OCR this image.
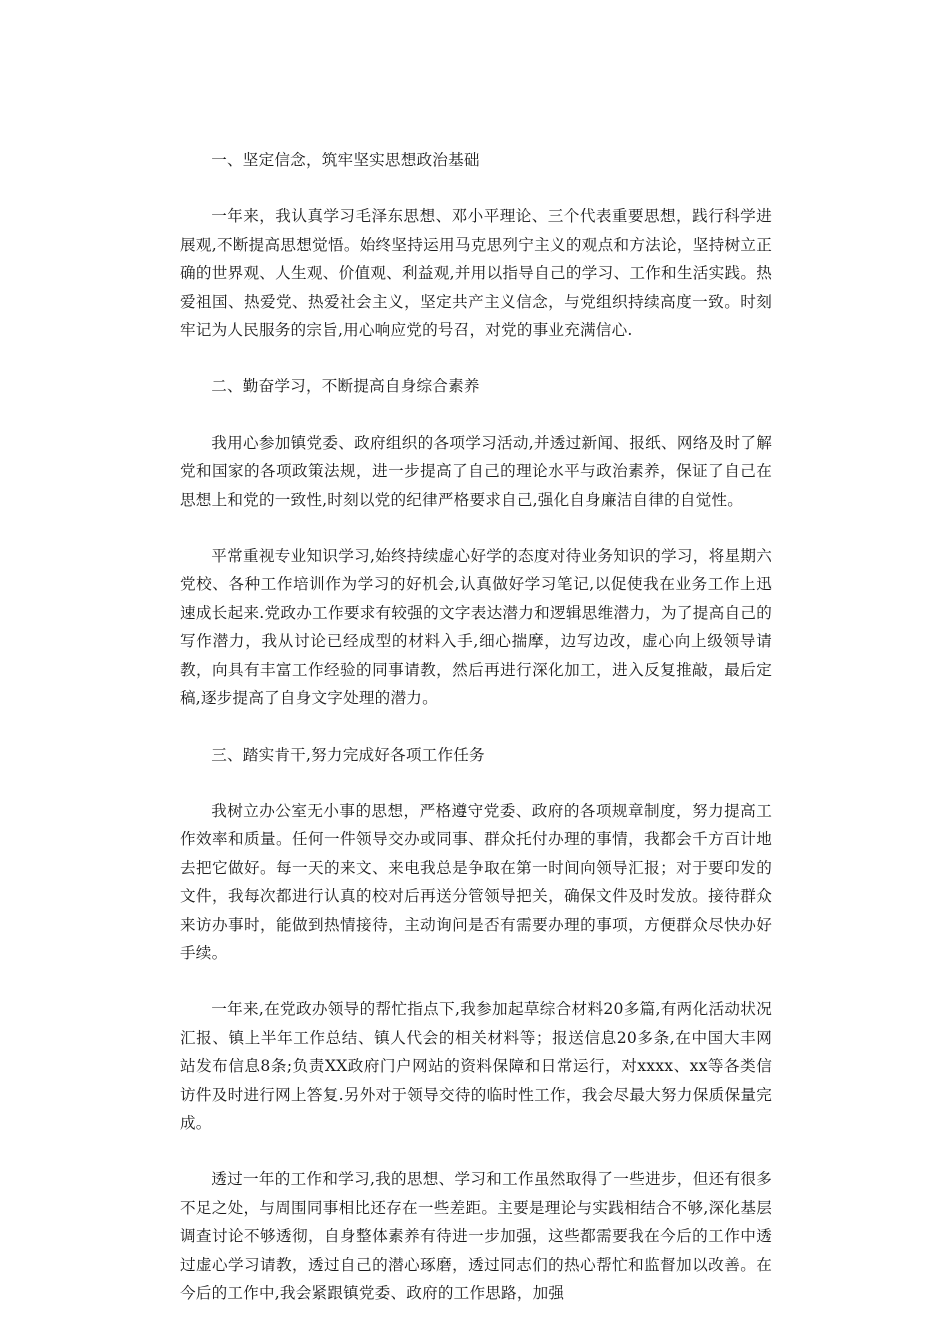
一、坚定信念，筑牢坚实思想政治基础

一年来，我认真学习毛泽东思想、邓小平理论、三个代表重要思想，践行科学进展观,不断提高思想觉悟。始终坚持运用马克思列宁主义的观点和方法论，坚持树立正确的世界观、人生观、价值观、利益观,并用以指导自己的学习、工作和生活实践。热爱祖国、热爱党、热爱社会主义，坚定共产主义信念，与党组织持续高度一致。时刻牢记为人民服务的宗旨,用心响应党的号召，对党的事业充满信心.

二、勤奋学习，不断提高自身综合素养

我用心参加镇党委、政府组织的各项学习活动,并透过新闻、报纸、网络及时了解党和国家的各项政策法规，进一步提高了自己的理论水平与政治素养，保证了自己在思想上和党的一致性,时刻以党的纪律严格要求自己,强化自身廉洁自律的自觉性。

平常重视专业知识学习,始终持续虚心好学的态度对待业务知识的学习，将星期六党校、各种工作培训作为学习的好机会,认真做好学习笔记,以促使我在业务工作上迅速成长起来.党政办工作要求有较强的文字表达潜力和逻辑思维潜力，为了提高自己的写作潜力，我从讨论已经成型的材料入手,细心揣摩，边写边改，虚心向上级领导请教，向具有丰富工作经验的同事请教，然后再进行深化加工，进入反复推敲，最后定稿,逐步提高了自身文字处理的潜力。

三、踏实肯干,努力完成好各项工作任务

我树立办公室无小事的思想，严格遵守党委、政府的各项规章制度，努力提高工作效率和质量。任何一件领导交办或同事、群众托付办理的事情，我都会千方百计地去把它做好。每一天的来文、来电我总是争取在第一时间向领导汇报；对于要印发的文件，我每次都进行认真的校对后再送分管领导把关，确保文件及时发放。接待群众来访办事时，能做到热情接待，主动询问是否有需要办理的事项，方便群众尽快办好手续。

一年来,在党政办领导的帮忙指点下,我参加起草综合材料20多篇,有两化活动状况汇报、镇上半年工作总结、镇人代会的相关材料等；报送信息20多条,在中国大丰网站发布信息8条;负责XX政府门户网站的资料保障和日常运行，对xxxx、xx等各类信访件及时进行网上答复.另外对于领导交待的临时性工作，我会尽最大努力保质保量完成。

透过一年的工作和学习,我的思想、学习和工作虽然取得了一些进步，但还有很多不足之处，与周围同事相比还存在一些差距。主要是理论与实践相结合不够,深化基层调查讨论不够透彻，自身整体素养有待进一步加强，这些都需要我在今后的工作中透过虚心学习请教，透过自己的潜心琢磨，透过同志们的热心帮忙和监督加以改善。在今后的工作中,我会紧跟镇党委、政府的工作思路，加强
